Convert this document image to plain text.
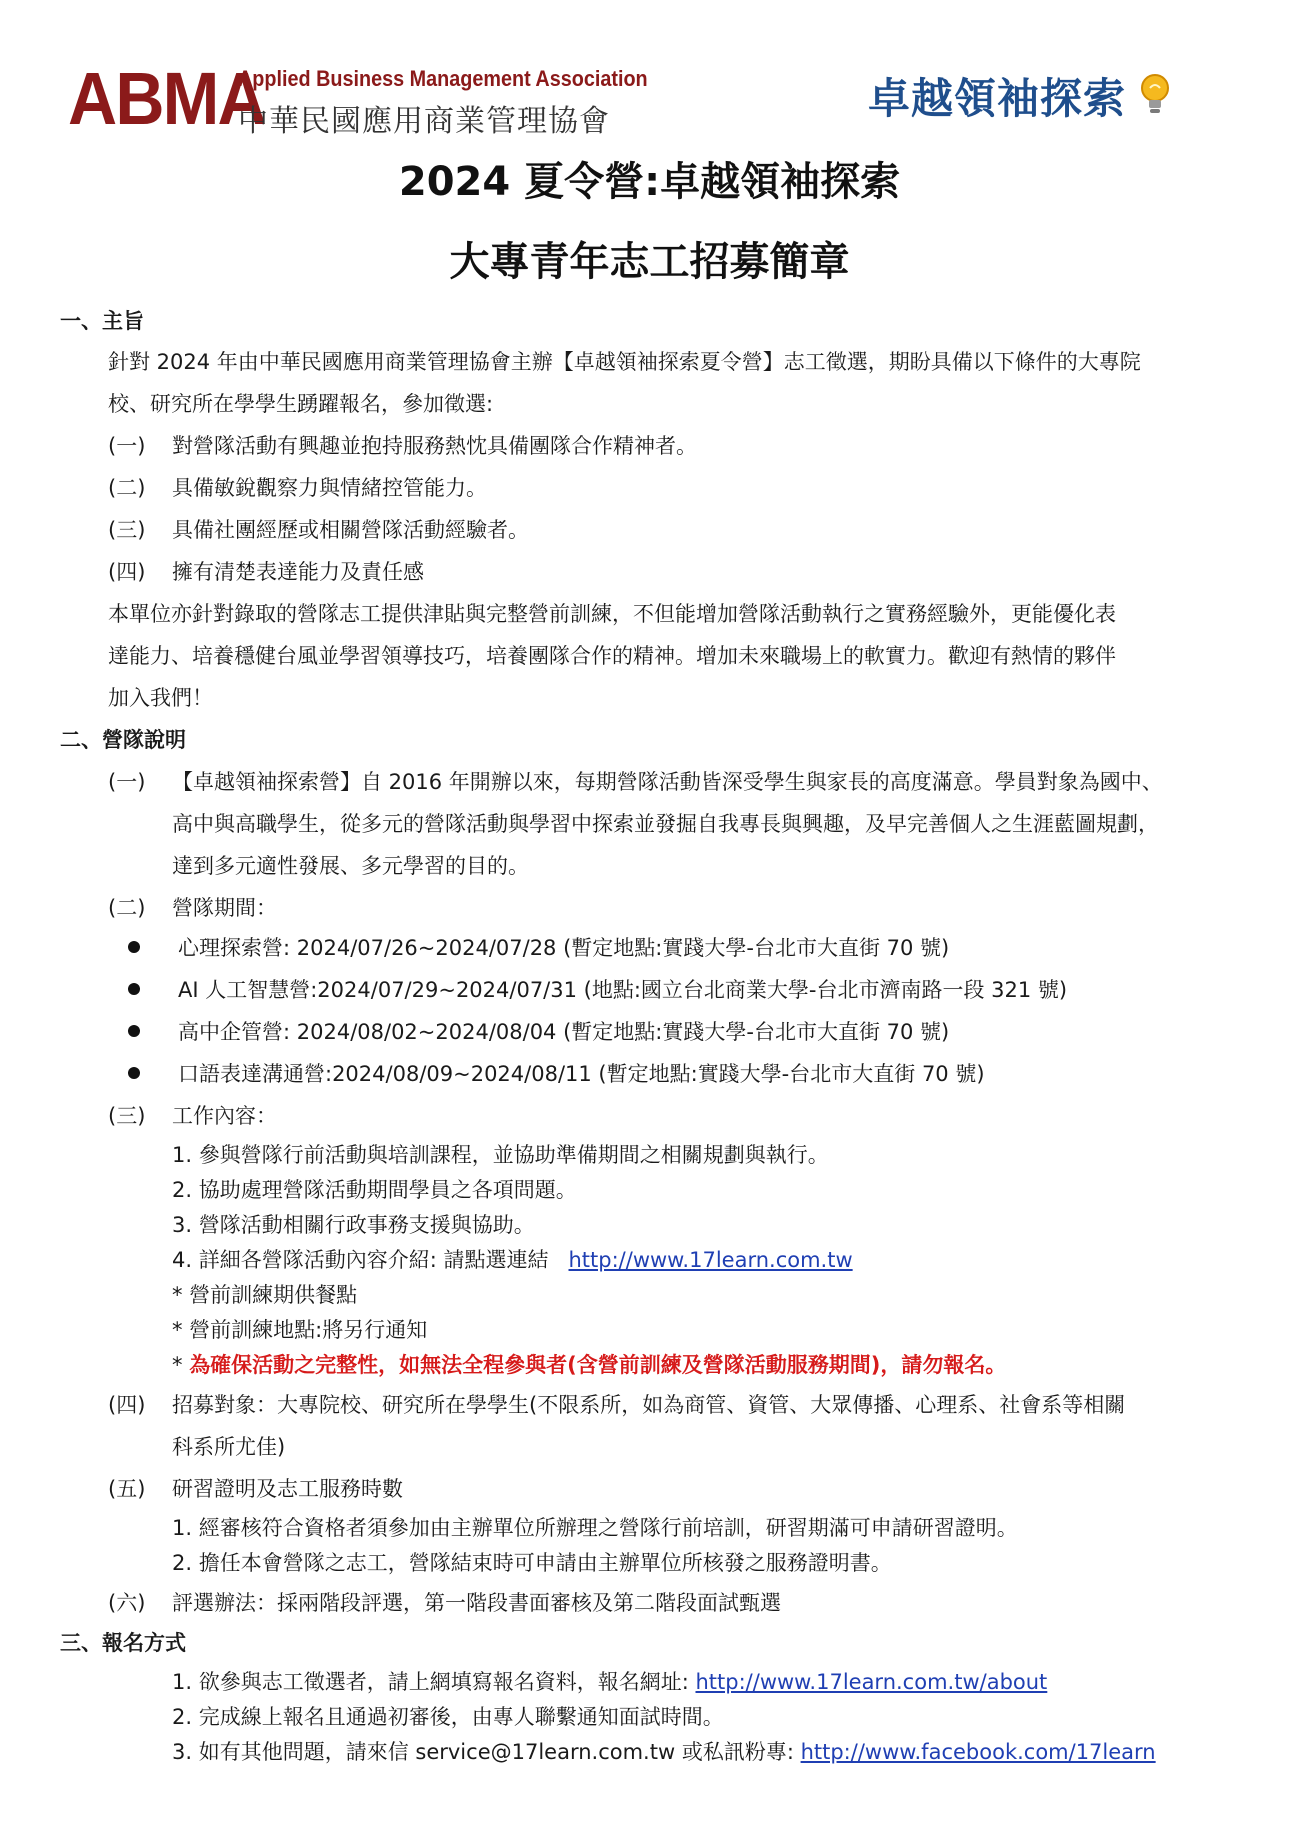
ABMA
Applied Business Management Association
中華民國應用商業管理協會	卓越領袖探索
2024 夏令營:卓越領袖探索
大專青年志工招募簡章
一、主旨
針對 2024 年由中華民國應用商業管理協會主辦【卓越領袖探索夏令營】志工徵選，期盼具備以下條件的大專院
校、研究所在學學生踴躍報名，參加徵選:
(一) 對營隊活動有興趣並抱持服務熱忱具備團隊合作精神者。
(二) 具備敏銳觀察力與情緒控管能力。
(三) 具備社團經歷或相關營隊活動經驗者。
(四) 擁有清楚表達能力及責任感
本單位亦針對錄取的營隊志工提供津貼與完整營前訓練，不但能增加營隊活動執行之實務經驗外，更能優化表
達能力、培養穩健台風並學習領導技巧，培養團隊合作的精神。增加未來職場上的軟實力。歡迎有熱情的夥伴
加入我們！
二、營隊說明
(一) 【卓越領袖探索營】自 2016 年開辦以來，每期營隊活動皆深受學生與家長的高度滿意。學員對象為國中、
高中與高職學生，從多元的營隊活動與學習中探索並發掘自我專長與興趣，及早完善個人之生涯藍圖規劃，
達到多元適性發展、多元學習的目的。
(二) 營隊期間：
心理探索營: 2024/07/26~2024/07/28 (暫定地點:實踐大學-台北市大直街 70 號)
AI 人工智慧營:2024/07/29~2024/07/31 (地點:國立台北商業大學-台北市濟南路一段 321 號)
高中企管營: 2024/08/02~2024/08/04 (暫定地點:實踐大學-台北市大直街 70 號)
口語表達溝通營:2024/08/09~2024/08/11 (暫定地點:實踐大學-台北市大直街 70 號)
(三) 工作內容：
1. 參與營隊行前活動與培訓課程，並協助準備期間之相關規劃與執行。
2. 協助處理營隊活動期間學員之各項問題。
3. 營隊活動相關行政事務支援與協助。
4. 詳細各營隊活動內容介紹: 請點選連結 http://www.17learn.com.tw
* 營前訓練期供餐點
* 營前訓練地點:將另行通知
* 為確保活動之完整性，如無法全程參與者(含營前訓練及營隊活動服務期間)，請勿報名。
(四) 招募對象：大專院校、研究所在學學生(不限系所，如為商管、資管、大眾傳播、心理系、社會系等相關
科系所尤佳)
(五) 研習證明及志工服務時數
1. 經審核符合資格者須參加由主辦單位所辦理之營隊行前培訓，研習期滿可申請研習證明。
2. 擔任本會營隊之志工，營隊結束時可申請由主辦單位所核發之服務證明書。
(六) 評選辦法：採兩階段評選，第一階段書面審核及第二階段面試甄選
三、報名方式
1. 欲參與志工徵選者，請上網填寫報名資料，報名網址: http://www.17learn.com.tw/about
2. 完成線上報名且通過初審後，由專人聯繫通知面試時間。
3. 如有其他問題，請來信 service@17learn.com.tw 或私訊粉專: http://www.facebook.com/17learn
